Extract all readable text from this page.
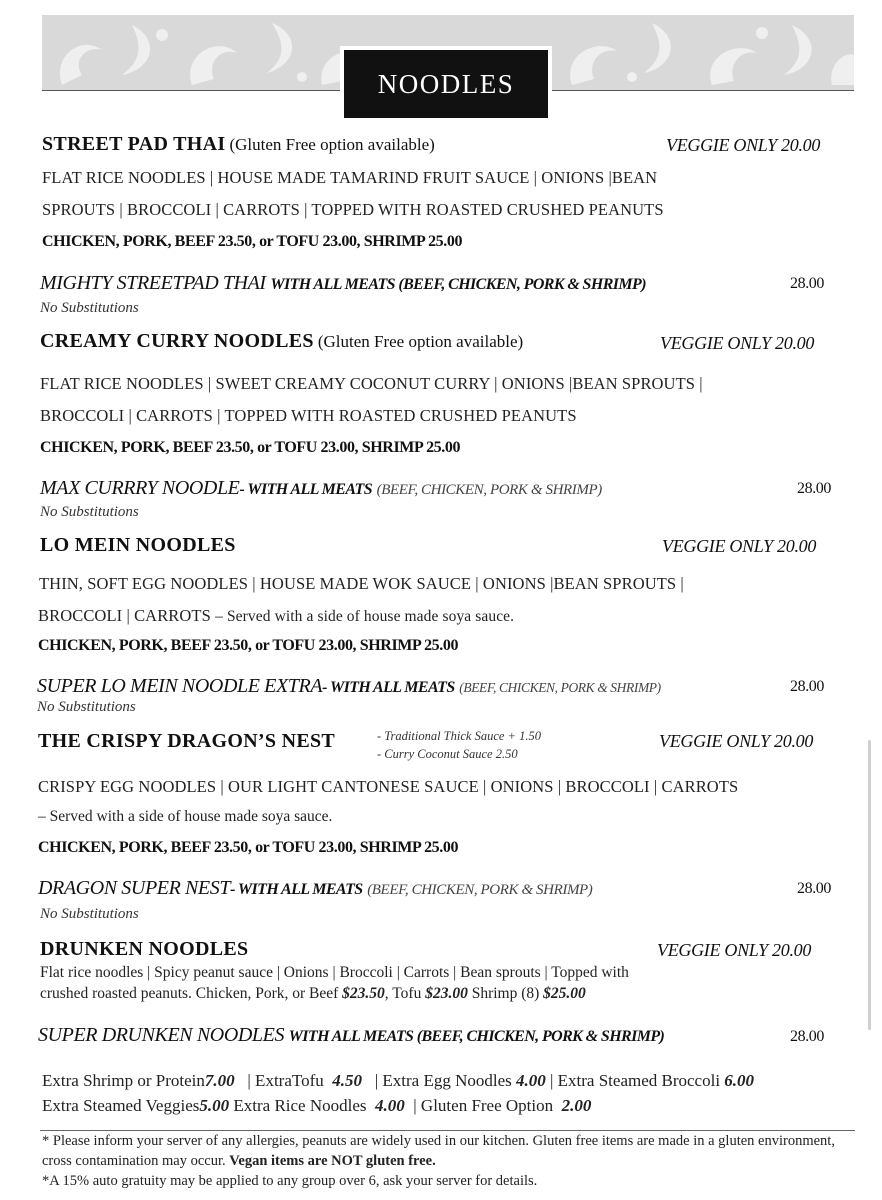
NOODLES
STREET PAD THAI (Gluten Free option available)	VEGGIE ONLY 20.00
FLAT RICE NOODLES | HOUSE MADE TAMARIND FRUIT SAUCE | ONIONS |BEAN
SPROUTS | BROCCOLI | CARROTS | TOPPED WITH ROASTED CRUSHED PEANUTS
CHICKEN, PORK, BEEF 23.50, or TOFU 23.00, SHRIMP 25.00
MIGHTY STREETPAD THAI WITH ALL MEATS (BEEF, CHICKEN, PORK & SHRIMP)	28.00
No Substitutions
CREAMY CURRY NOODLES (Gluten Free option available)	VEGGIE ONLY 20.00
FLAT RICE NOODLES | SWEET CREAMY COCONUT CURRY | ONIONS |BEAN SPROUTS |
BROCCOLI | CARROTS | TOPPED WITH ROASTED CRUSHED PEANUTS
CHICKEN, PORK, BEEF 23.50, or TOFU 23.00, SHRIMP 25.00
MAX CURRRY NOODLE- WITH ALL MEATS (BEEF, CHICKEN, PORK & SHRIMP)	28.00
No Substitutions
LO MEIN NOODLES	VEGGIE ONLY 20.00
THIN, SOFT EGG NOODLES | HOUSE MADE WOK SAUCE | ONIONS |BEAN SPROUTS |
BROCCOLI | CARROTS – Served with a side of house made soya sauce.
CHICKEN, PORK, BEEF 23.50, or TOFU 23.00, SHRIMP 25.00
SUPER LO MEIN NOODLE EXTRA- WITH ALL MEATS (BEEF, CHICKEN, PORK & SHRIMP)	28.00
No Substitutions
THE CRISPY DRAGON’S NEST	- Traditional Thick Sauce + 1.50
- Curry Coconut Sauce 2.50
VEGGIE ONLY 20.00
CRISPY EGG NOODLES | OUR LIGHT CANTONESE SAUCE | ONIONS | BROCCOLI | CARROTS
– Served with a side of house made soya sauce.
CHICKEN, PORK, BEEF 23.50, or TOFU 23.00, SHRIMP 25.00
DRAGON SUPER NEST- WITH ALL MEATS (BEEF, CHICKEN, PORK & SHRIMP)	28.00
No Substitutions
DRUNKEN NOODLES	VEGGIE ONLY 20.00
Flat rice noodles | Spicy peanut sauce | Onions | Broccoli | Carrots | Bean sprouts | Topped with
crushed roasted peanuts. Chicken, Pork, or Beef $23.50, Tofu $23.00 Shrimp (8) $25.00
SUPER DRUNKEN NOODLES WITH ALL MEATS (BEEF, CHICKEN, PORK & SHRIMP)	28.00
Extra Shrimp or Protein7.00 | ExtraTofu 4.50 | Extra Egg Noodles 4.00 | Extra Steamed Broccoli 6.00
Extra Steamed Veggies5.00 Extra Rice Noodles 4.00 | Gluten Free Option 2.00
* Please inform your server of any allergies, peanuts are widely used in our kitchen. Gluten free items are made in a gluten environment, cross contamination may occur. Vegan items are NOT gluten free.
*A 15% auto gratuity may be applied to any group over 6, ask your server for details.
